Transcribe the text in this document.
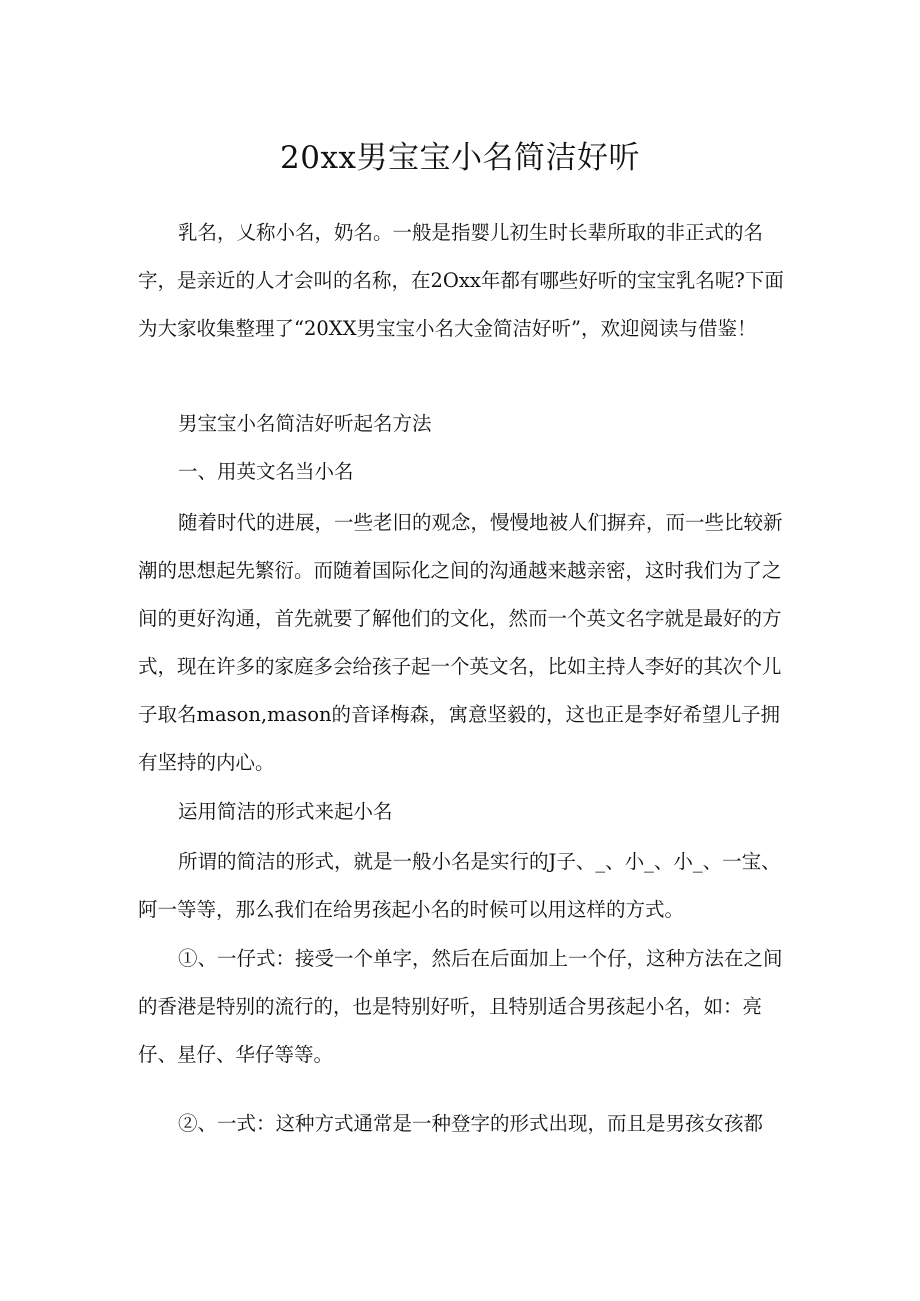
20xx男宝宝小名简洁好听

乳名，乂称小名，奶名。一般是指婴儿初生时长辈所取的非正式的名字，是亲近的人才会叫的名称，在2Oxx年都有哪些好听的宝宝乳名呢?下面为大家收集整理了“20XX男宝宝小名大金简洁好听”，欢迎阅读与借鉴！

男宝宝小名简洁好听起名方法

一、用英文名当小名

随着时代的进展，一些老旧的观念，慢慢地被人们摒弃，而一些比较新潮的思想起先繁衍。而随着国际化之间的沟通越来越亲密，这时我们为了之间的更好沟通，首先就要了解他们的文化，然而一个英文名字就是最好的方式，现在许多的家庭多会给孩子起一个英文名，比如主持人李好的其次个儿子取名mason,mason的音译梅森，寓意坚毅的，这也正是李好希望儿子拥有坚持的内心。

运用简洁的形式来起小名

所谓的简洁的形式，就是一般小名是实行的J子、_、小_、小_、一宝、阿一等等，那么我们在给男孩起小名的时候可以用这样的方式。

①、一仔式：接受一个单字，然后在后面加上一个仔，这种方法在之间的香港是特别的流行的，也是特别好听，且特别适合男孩起小名，如：亮仔、星仔、华仔等等。

②、一式：这种方式通常是一种登字的形式出现，而且是男孩女孩都
